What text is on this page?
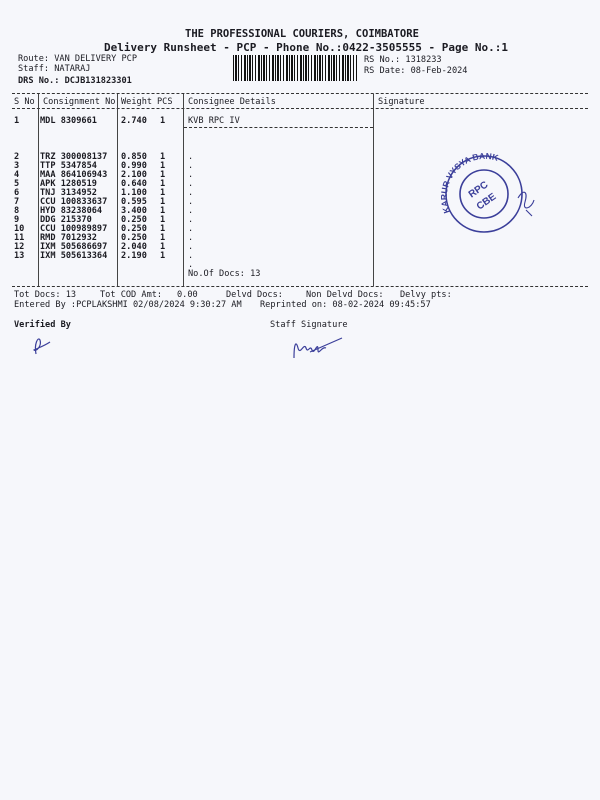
THE PROFESSIONAL COURIERS, COIMBATORE
Delivery Runsheet - PCP - Phone No.:0422-3505555 - Page No.:1
Route: VAN DELIVERY PCP
Staff: NATARAJ
DRS No.: DCJB131823301
RS No.: 1318233
RS Date: 08-Feb-2024
S No Consignment No Weight PCS Consignee Details	Signature
1 MDL 8309661	2.740 1	KVB RPC IV
2 TRZ 300008137 0.850 1	.
3 TTP 5347854	0.990 1	.
4 MAA 864106943 2.100 1	.
5 APK 1280519	0.640 1	.
6 TNJ 3134952	1.100 1	.
7 CCU 100833637 0.595 1	.
8 HYD 83238064 3.400 1	.
9 DDG 215370	0.250 1	.
10 CCU 100989897 0.250 1	.
11 RMD 7012932	0.250 1	.
12 IXM 505686697 2.040 1	.
13 IXM 505613364 2.190 1	.
.
No.Of Docs: 13
KARUR VYSYA BANK
RPC
CBE
Tot Docs: 13	Tot COD Amt: 0.00	Delvd Docs:	Non Delvd Docs: Delvy pts:
Entered By :PCPLAKSHMI 02/08/2024 9:30:27 AM Reprinted on: 08-02-2024 09:45:57
Verified By	Staff Signature
